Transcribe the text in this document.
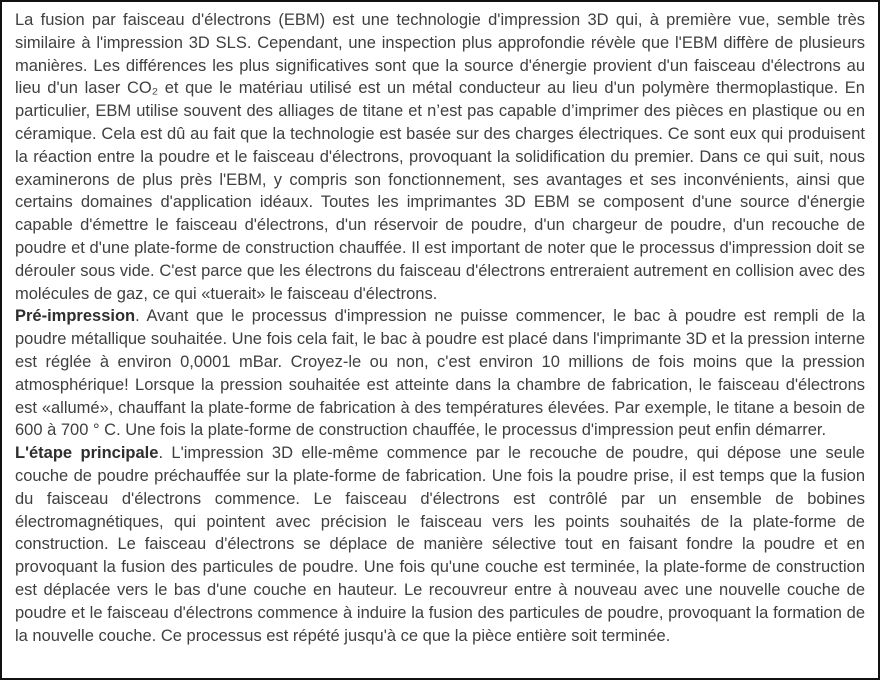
La fusion par faisceau d'électrons (EBM) est une technologie d'impression 3D qui, à première vue, semble très similaire à l'impression 3D SLS. Cependant, une inspection plus approfondie révèle que l'EBM diffère de plusieurs manières. Les différences les plus significatives sont que la source d'énergie provient d'un faisceau d'électrons au lieu d'un laser CO₂ et que le matériau utilisé est un métal conducteur au lieu d'un polymère thermoplastique. En particulier, EBM utilise souvent des alliages de titane et n’est pas capable d’imprimer des pièces en plastique ou en céramique. Cela est dû au fait que la technologie est basée sur des charges électriques. Ce sont eux qui produisent la réaction entre la poudre et le faisceau d'électrons, provoquant la solidification du premier. Dans ce qui suit, nous examinerons de plus près l'EBM, y compris son fonctionnement, ses avantages et ses inconvénients, ainsi que certains domaines d'application idéaux. Toutes les imprimantes 3D EBM se composent d'une source d'énergie capable d'émettre le faisceau d'électrons, d'un réservoir de poudre, d'un chargeur de poudre, d'un recouche de poudre et d'une plate-forme de construction chauffée. Il est important de noter que le processus d'impression doit se dérouler sous vide. C'est parce que les électrons du faisceau d'électrons entreraient autrement en collision avec des molécules de gaz, ce qui «tuerait» le faisceau d'électrons.

Pré-impression. Avant que le processus d'impression ne puisse commencer, le bac à poudre est rempli de la poudre métallique souhaitée. Une fois cela fait, le bac à poudre est placé dans l'imprimante 3D et la pression interne est réglée à environ 0,0001 mBar. Croyez-le ou non, c'est environ 10 millions de fois moins que la pression atmosphérique! Lorsque la pression souhaitée est atteinte dans la chambre de fabrication, le faisceau d'électrons est «allumé», chauffant la plate-forme de fabrication à des températures élevées. Par exemple, le titane a besoin de 600 à 700 ° C. Une fois la plate-forme de construction chauffée, le processus d'impression peut enfin démarrer.

L'étape principale. L'impression 3D elle-même commence par le recouche de poudre, qui dépose une seule couche de poudre préchauffée sur la plate-forme de fabrication. Une fois la poudre prise, il est temps que la fusion du faisceau d'électrons commence. Le faisceau d'électrons est contrôlé par un ensemble de bobines électromagnétiques, qui pointent avec précision le faisceau vers les points souhaités de la plate-forme de construction. Le faisceau d'électrons se déplace de manière sélective tout en faisant fondre la poudre et en provoquant la fusion des particules de poudre. Une fois qu'une couche est terminée, la plate-forme de construction est déplacée vers le bas d'une couche en hauteur. Le recouvreur entre à nouveau avec une nouvelle couche de poudre et le faisceau d'électrons commence à induire la fusion des particules de poudre, provoquant la formation de la nouvelle couche. Ce processus est répété jusqu'à ce que la pièce entière soit terminée.
